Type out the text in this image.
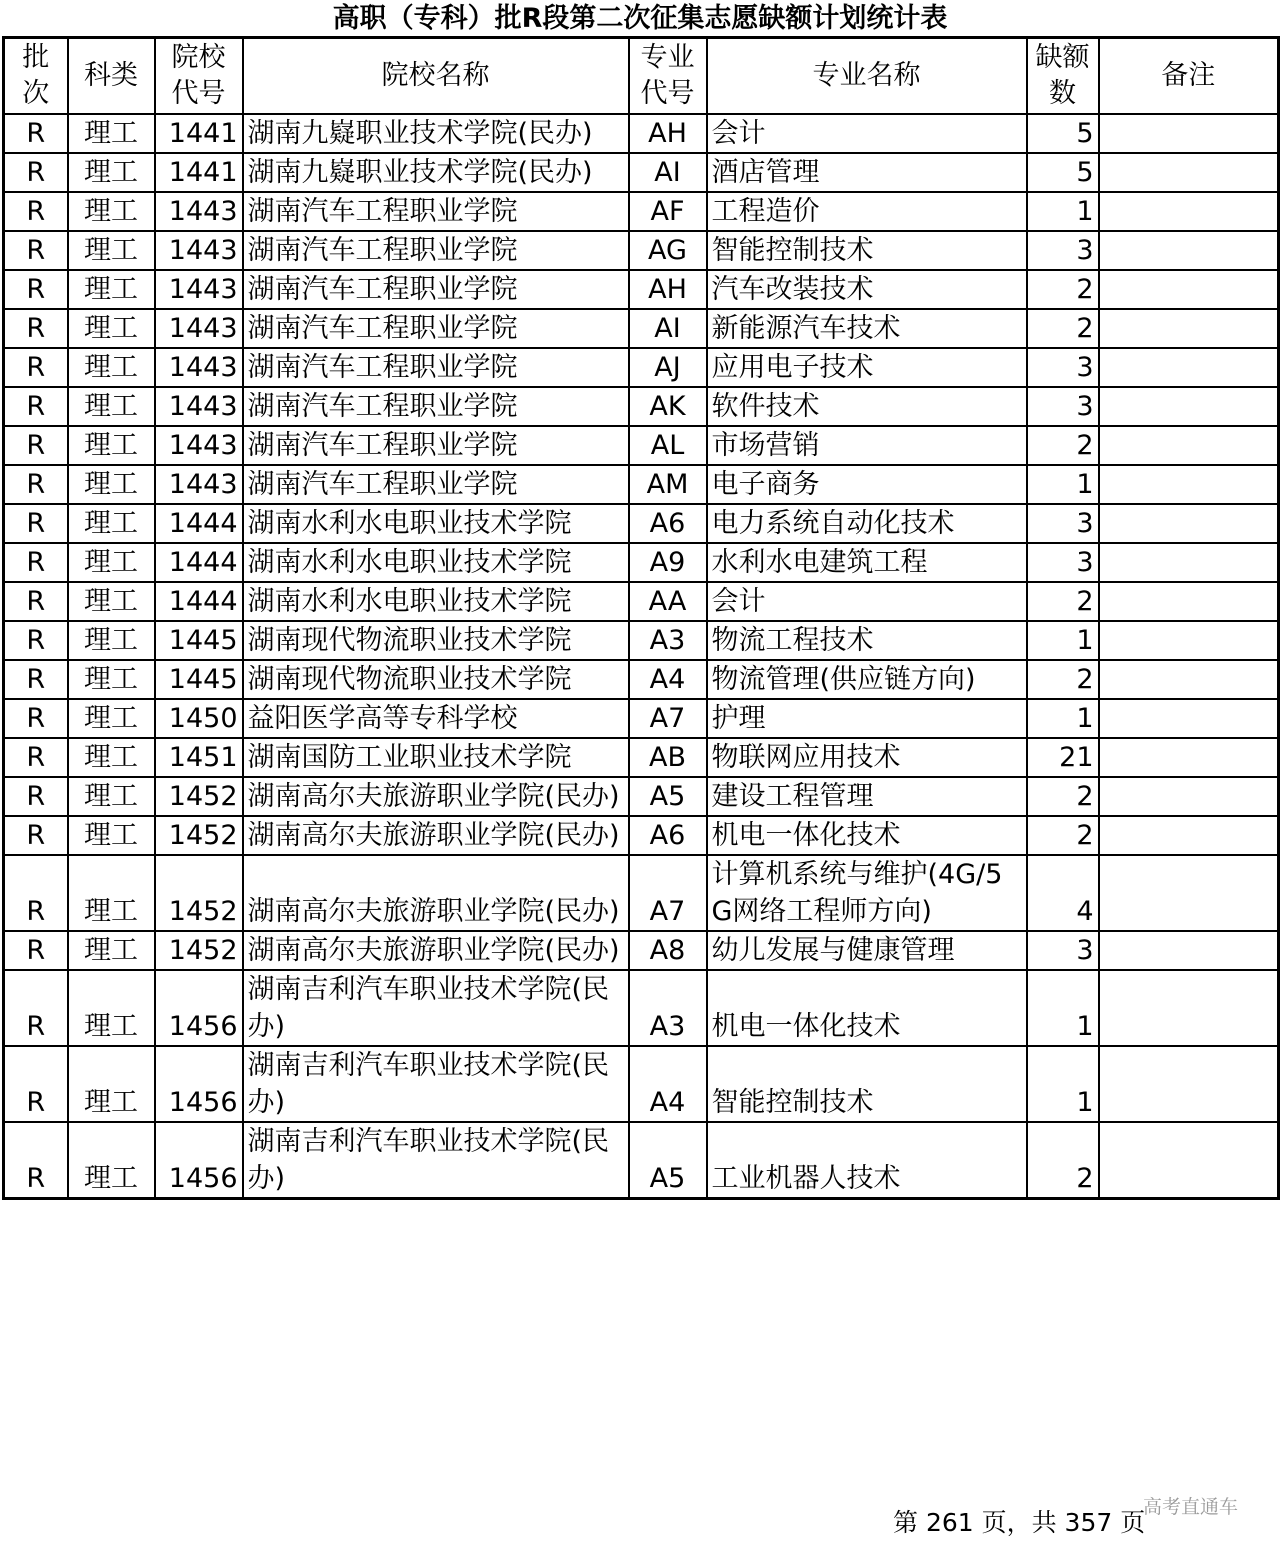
高职（专科）批R段第二次征集志愿缺额计划统计表
批次	科类	院校代号	院校名称	专业代号	专业名称	缺额数	备注
R	理工	1441	湖南九嶷职业技术学院(民办)	AH	会计	5	
R	理工	1441	湖南九嶷职业技术学院(民办)	AI	酒店管理	5	
R	理工	1443	湖南汽车工程职业学院	AF	工程造价	1	
R	理工	1443	湖南汽车工程职业学院	AG	智能控制技术	3	
R	理工	1443	湖南汽车工程职业学院	AH	汽车改装技术	2	
R	理工	1443	湖南汽车工程职业学院	AI	新能源汽车技术	2	
R	理工	1443	湖南汽车工程职业学院	AJ	应用电子技术	3	
R	理工	1443	湖南汽车工程职业学院	AK	软件技术	3	
R	理工	1443	湖南汽车工程职业学院	AL	市场营销	2	
R	理工	1443	湖南汽车工程职业学院	AM	电子商务	1	
R	理工	1444	湖南水利水电职业技术学院	A6	电力系统自动化技术	3	
R	理工	1444	湖南水利水电职业技术学院	A9	水利水电建筑工程	3	
R	理工	1444	湖南水利水电职业技术学院	AA	会计	2	
R	理工	1445	湖南现代物流职业技术学院	A3	物流工程技术	1	
R	理工	1445	湖南现代物流职业技术学院	A4	物流管理(供应链方向)	2	
R	理工	1450	益阳医学高等专科学校	A7	护理	1	
R	理工	1451	湖南国防工业职业技术学院	AB	物联网应用技术	21	
R	理工	1452	湖南高尔夫旅游职业学院(民办)	A5	建设工程管理	2	
R	理工	1452	湖南高尔夫旅游职业学院(民办)	A6	机电一体化技术	2	
R	理工	1452	湖南高尔夫旅游职业学院(民办)	A7	计算机系统与维护(4G/5G网络工程师方向)	4	
R	理工	1452	湖南高尔夫旅游职业学院(民办)	A8	幼儿发展与健康管理	3	
R	理工	1456	湖南吉利汽车职业技术学院(民办)	A3	机电一体化技术	1	
R	理工	1456	湖南吉利汽车职业技术学院(民办)	A4	智能控制技术	1	
R	理工	1456	湖南吉利汽车职业技术学院(民办)	A5	工业机器人技术	2	
第 261 页，共 357 页
高考直通车
